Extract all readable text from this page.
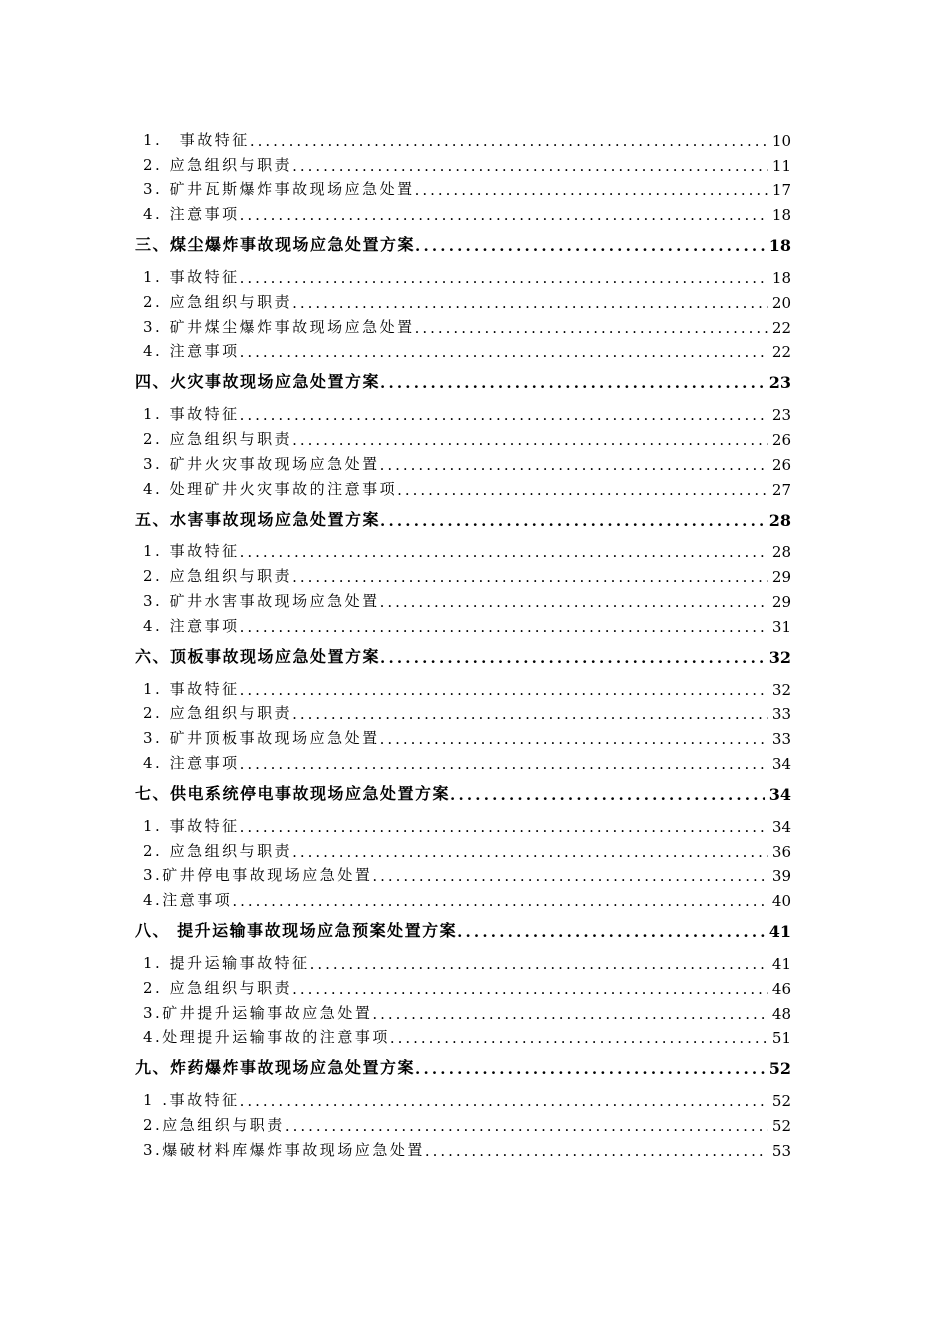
1.　事故特征 .....	10
2. 应急组织与职责 .....	11
3. 矿井瓦斯爆炸事故现场应急处置 .....	17
4. 注意事项 .....	18
三、煤尘爆炸事故现场应急处置方案 .....	18
1. 事故特征 .....	18
2. 应急组织与职责 .....	20
3. 矿井煤尘爆炸事故现场应急处置 .....	22
4. 注意事项 .....	22
四、火灾事故现场应急处置方案 .....	23
1. 事故特征 .....	23
2. 应急组织与职责 .....	26
3. 矿井火灾事故现场应急处置 .....	26
4. 处理矿井火灾事故的注意事项 .....	27
五、水害事故现场应急处置方案 .....	28
1. 事故特征 .....	28
2. 应急组织与职责 .....	29
3. 矿井水害事故现场应急处置 .....	29
4. 注意事项 .....	31
六、顶板事故现场应急处置方案 .....	32
1. 事故特征 .....	32
2. 应急组织与职责 .....	33
3. 矿井顶板事故现场应急处置 .....	33
4. 注意事项 .....	34
七、供电系统停电事故现场应急处置方案 .....	34
1. 事故特征 .....	34
2. 应急组织与职责 .....	36
3.矿井停电事故现场应急处置 .....	39
4.注意事项 .....	40
八、 提升运输事故现场应急预案处置方案 .....	41
1. 提升运输事故特征 .....	41
2. 应急组织与职责 .....	46
3.矿井提升运输事故应急处置 .....	48
4.处理提升运输事故的注意事项 .....	51
九、炸药爆炸事故现场应急处置方案 .....	52
1 .事故特征 .....	52
2.应急组织与职责 .....	52
3.爆破材料库爆炸事故现场应急处置 .....	53
